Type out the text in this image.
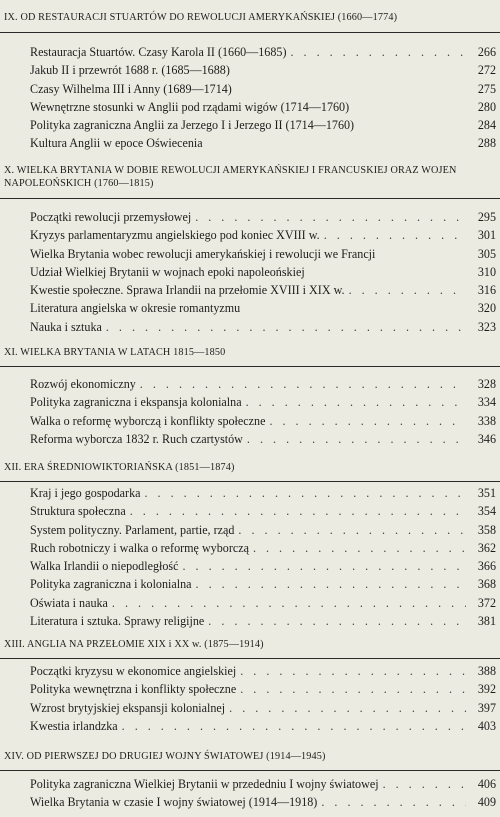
IX. OD RESTAURACJI STUARTÓW DO REWOLUCJI AMERYKAŃSKIEJ (1660—1774)
Restauracja Stuartów. Czasy Karola II (1660—1685) . . .	266
Jakub II i przewrót 1688 r. (1685—1688)	272
Czasy Wilhelma III i Anny (1689—1714)	275
Wewnętrzne stosunki w Anglii pod rządami wigów (1714—1760)	280
Polityka zagraniczna Anglii za Jerzego I i Jerzego II (1714—1760)	284
Kultura Anglii w epoce Oświecenia	288
X. WIELKA BRYTANIA W DOBIE REWOLUCJI AMERYKAŃSKIEJ I FRANCUSKIEJ ORAZ WOJEN NAPOLEOŃSKICH (1760—1815)
Początki rewolucji przemysłowej . . .	295
Kryzys parlamentaryzmu angielskiego pod koniec XVIII w. . . .	301
Wielka Brytania wobec rewolucji amerykańskiej i rewolucji we Francji	305
Udział Wielkiej Brytanii w wojnach epoki napoleońskiej	310
Kwestie społeczne. Sprawa Irlandii na przełomie XVIII i XIX w. . . .	316
Literatura angielska w okresie romantyzmu	320
Nauka i sztuka . . .	323
XI. WIELKA BRYTANIA W LATACH 1815—1850
Rozwój ekonomiczny . . .	328
Polityka zagraniczna i ekspansja kolonialna . . .	334
Walka o reformę wyborczą i konflikty społeczne . . .	338
Reforma wyborcza 1832 r. Ruch czartystów . . .	346
XII. ERA ŚREDNIOWIKTORIAŃSKA (1851—1874)
Kraj i jego gospodarka . . .	351
Struktura społeczna . . .	354
System polityczny. Parlament, partie, rząd . . .	358
Ruch robotniczy i walka o reformę wyborczą . . .	362
Walka Irlandii o niepodległość . . .	366
Polityka zagraniczna i kolonialna . . .	368
Oświata i nauka . . .	372
Literatura i sztuka. Sprawy religijne . . .	381
XIII. ANGLIA NA PRZEŁOMIE XIX i XX w. (1875—1914)
Początki kryzysu w ekonomice angielskiej . . .	388
Polityka wewnętrzna i konflikty społeczne . . .	392
Wzrost brytyjskiej ekspansji kolonialnej . . .	397
Kwestia irlandzka . . .	403
XIV. OD PIERWSZEJ DO DRUGIEJ WOJNY ŚWIATOWEJ (1914—1945)
Polityka zagraniczna Wielkiej Brytanii w przededniu I wojny światowej . . .	406
Wielka Brytania w czasie I wojny światowej (1914—1918) . . .	409
